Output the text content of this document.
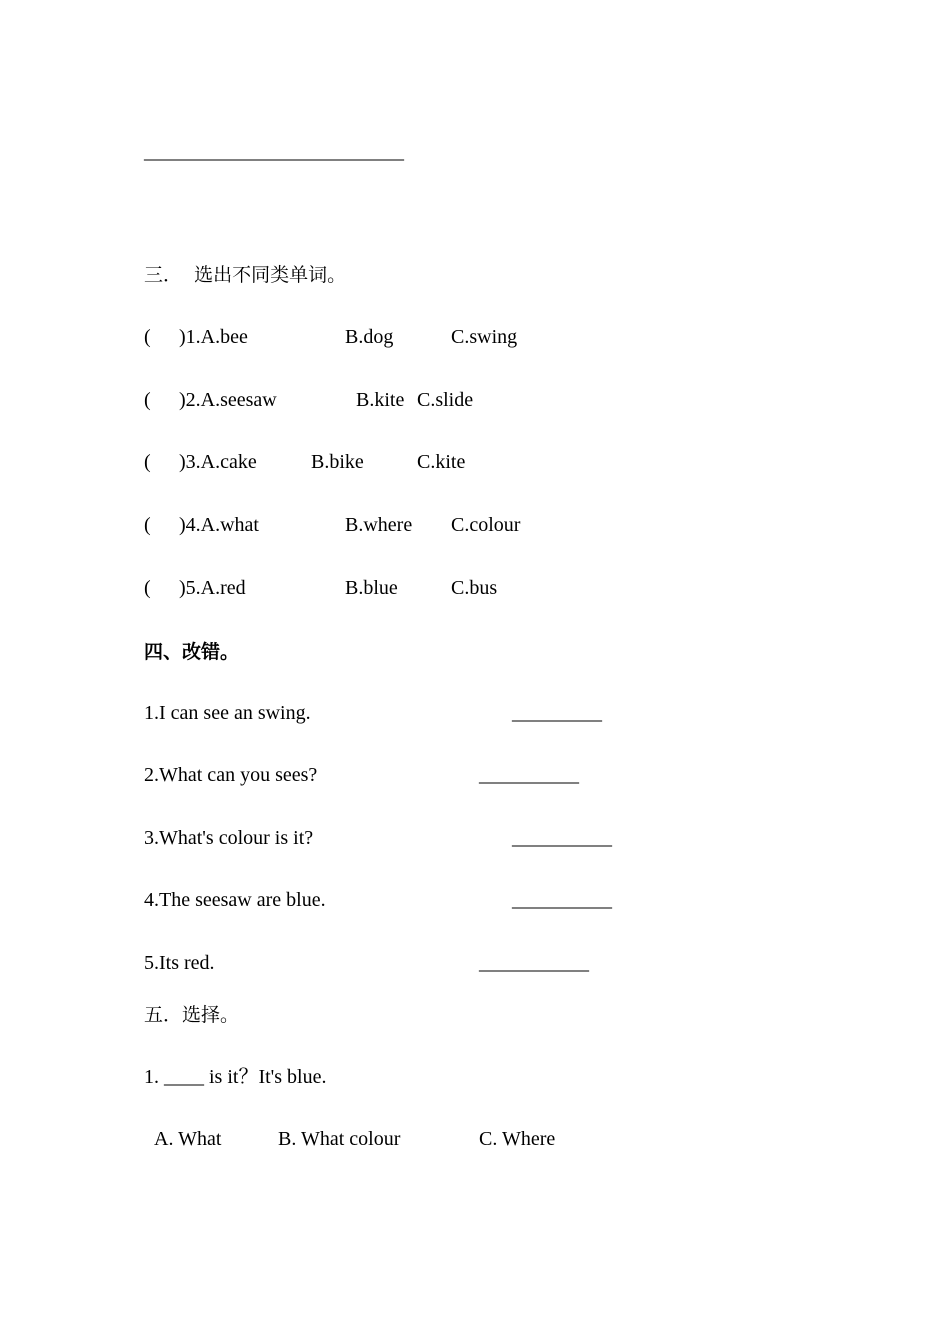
__________________________
三．  选出不同类单词。
( )1.A.bee	B.dog	C.swing
( )2.A.seesaw	B.kite C.slide
( )3.A.cake	B.bike	C.kite
( )4.A.what	B.where C.colour
( )5.A.red	B.blue	C.bus
四、改错。
1.I can see an swing.	_________
2.What can you sees?	__________
3.What's colour is it?	__________
4.The seesaw are blue.	__________
5.Its red.	___________
五．选择。
1. ____ is it？It's blue.
A. What	B. What colour	C. Where
